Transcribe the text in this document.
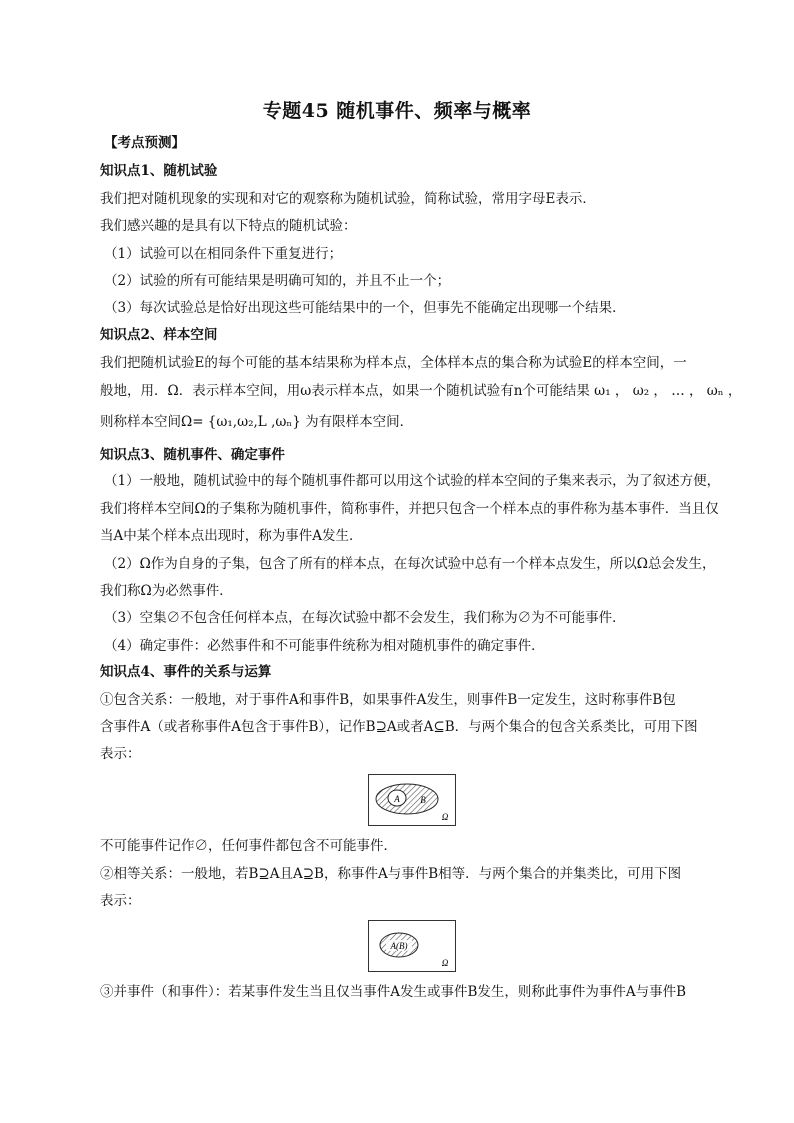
专题45 随机事件、频率与概率
【考点预测】
知识点1、随机试验
我们把对随机现象的实现和对它的观察称为随机试验，简称试验，常用字母E表示．
我们感兴趣的是具有以下特点的随机试验：
（1）试验可以在相同条件下重复进行；
（2）试验的所有可能结果是明确可知的，并且不止一个；
（3）每次试验总是恰好出现这些可能结果中的一个，但事先不能确定出现哪一个结果．
知识点2、样本空间
我们把随机试验E的每个可能的基本结果称为样本点，全体样本点的集合称为试验E的样本空间，一
般地，用．Ω．表示样本空间，用ω表示样本点，如果一个随机试验有n个可能结果 ω₁ ， ω₂ ， … ， ωₙ ，
则称样本空间Ω= {ω₁,ω₂,L ,ωₙ} 为有限样本空间．
知识点3、随机事件、确定事件
（1）一般地，随机试验中的每个随机事件都可以用这个试验的样本空间的子集来表示，为了叙述方便，
我们将样本空间Ω的子集称为随机事件，简称事件，并把只包含一个样本点的事件称为基本事件．当且仅
当A中某个样本点出现时，称为事件A发生．
（2）Ω作为自身的子集，包含了所有的样本点，在每次试验中总有一个样本点发生，所以Ω总会发生，
我们称Ω为必然事件．
（3）空集∅不包含任何样本点，在每次试验中都不会发生，我们称为∅为不可能事件．
（4）确定事件：必然事件和不可能事件统称为相对随机事件的确定事件．
知识点4、事件的关系与运算
①包含关系：一般地，对于事件A和事件B，如果事件A发生，则事件B一定发生，这时称事件B包
含事件A（或者称事件A包含于事件B），记作B⊇A或者A⊆B．与两个集合的包含关系类比，可用下图
表示：
A B
Ω
不可能事件记作∅，任何事件都包含不可能事件．
②相等关系：一般地，若B⊇A且A⊇B，称事件A与事件B相等．与两个集合的并集类比，可用下图
表示：
A(B)
Ω
③并事件（和事件）：若某事件发生当且仅当事件A发生或事件B发生，则称此事件为事件A与事件B
